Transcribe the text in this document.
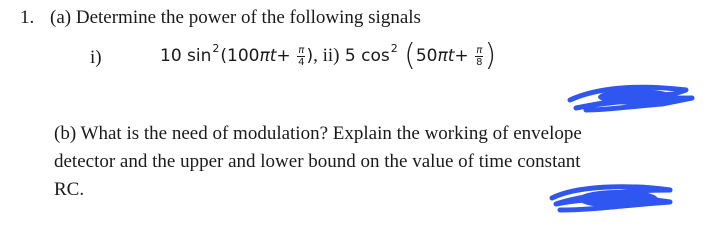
1. (a) Determine the power of the following signals
i)	10
sin 2 (100 π t +
$\frac{\pi}{4}$ ) , ii)
5
cos 2
( 50 π t +
$\frac{\pi}{8}$ )
(b) What is the need of modulation? Explain the working of envelope
detector and the upper and lower bound on the value of time constant
RC.
